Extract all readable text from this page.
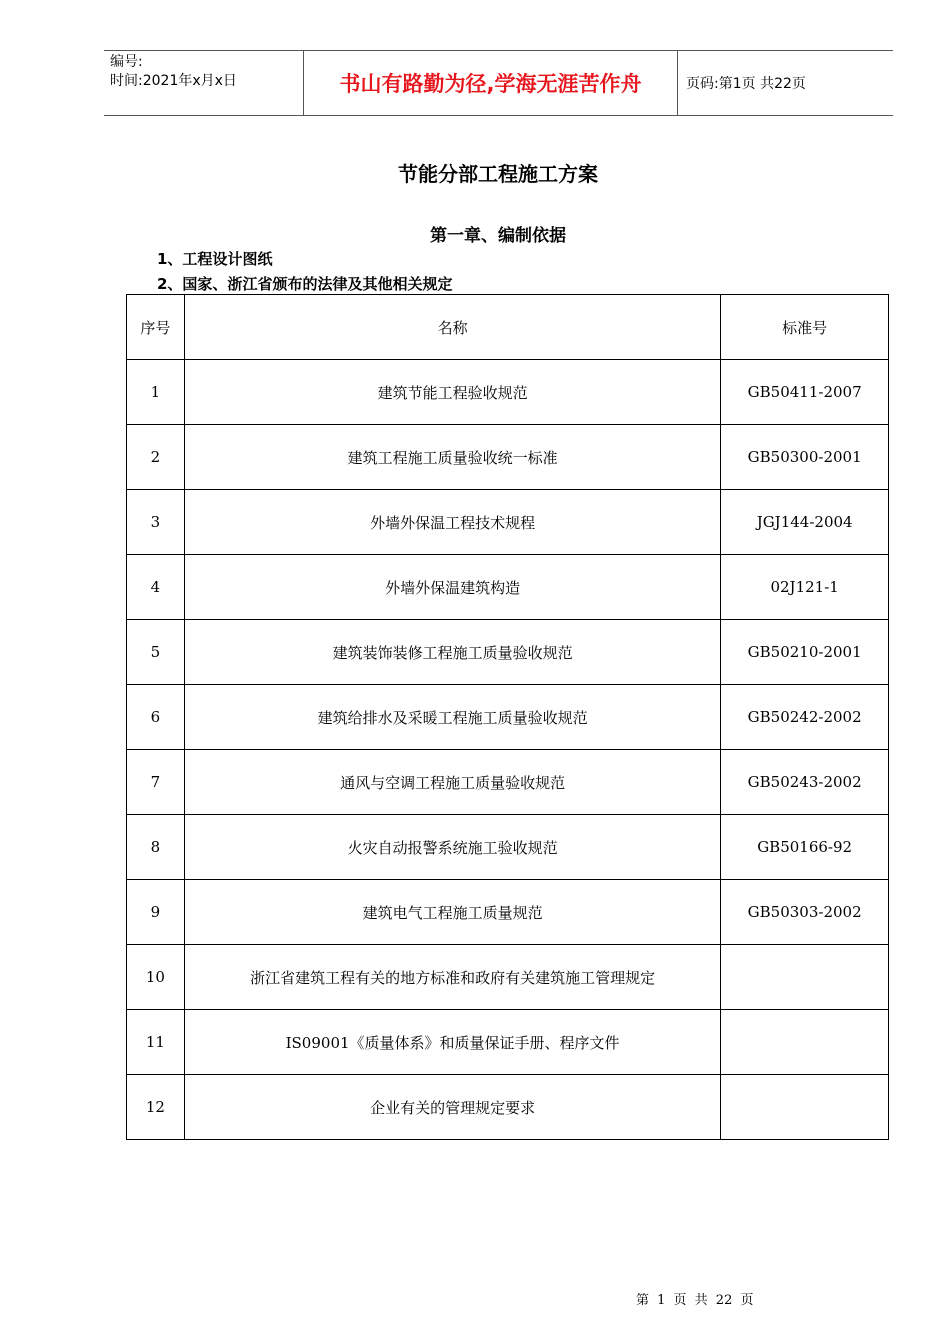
编号:
时间:2021年x月x日	书山有路勤为径,学海无涯苦作舟	页码:第1页 共22页
节能分部工程施工方案
第一章、编制依据
1、工程设计图纸
2、国家、浙江省颁布的法律及其他相关规定
序号	名称	标准号
1	建筑节能工程验收规范	GB50411-2007
2	建筑工程施工质量验收统一标准	GB50300-2001
3	外墙外保温工程技术规程	JGJ144-2004
4	外墙外保温建筑构造	02J121-1
5	建筑装饰装修工程施工质量验收规范	GB50210-2001
6	建筑给排水及采暖工程施工质量验收规范	GB50242-2002
7	通风与空调工程施工质量验收规范	GB50243-2002
8	火灾自动报警系统施工验收规范	GB50166-92
9	建筑电气工程施工质量规范	GB50303-2002
10	浙江省建筑工程有关的地方标准和政府有关建筑施工管理规定	
11	IS09001《质量体系》和质量保证手册、程序文件	
12	企业有关的管理规定要求	
第 1 页 共 22 页
